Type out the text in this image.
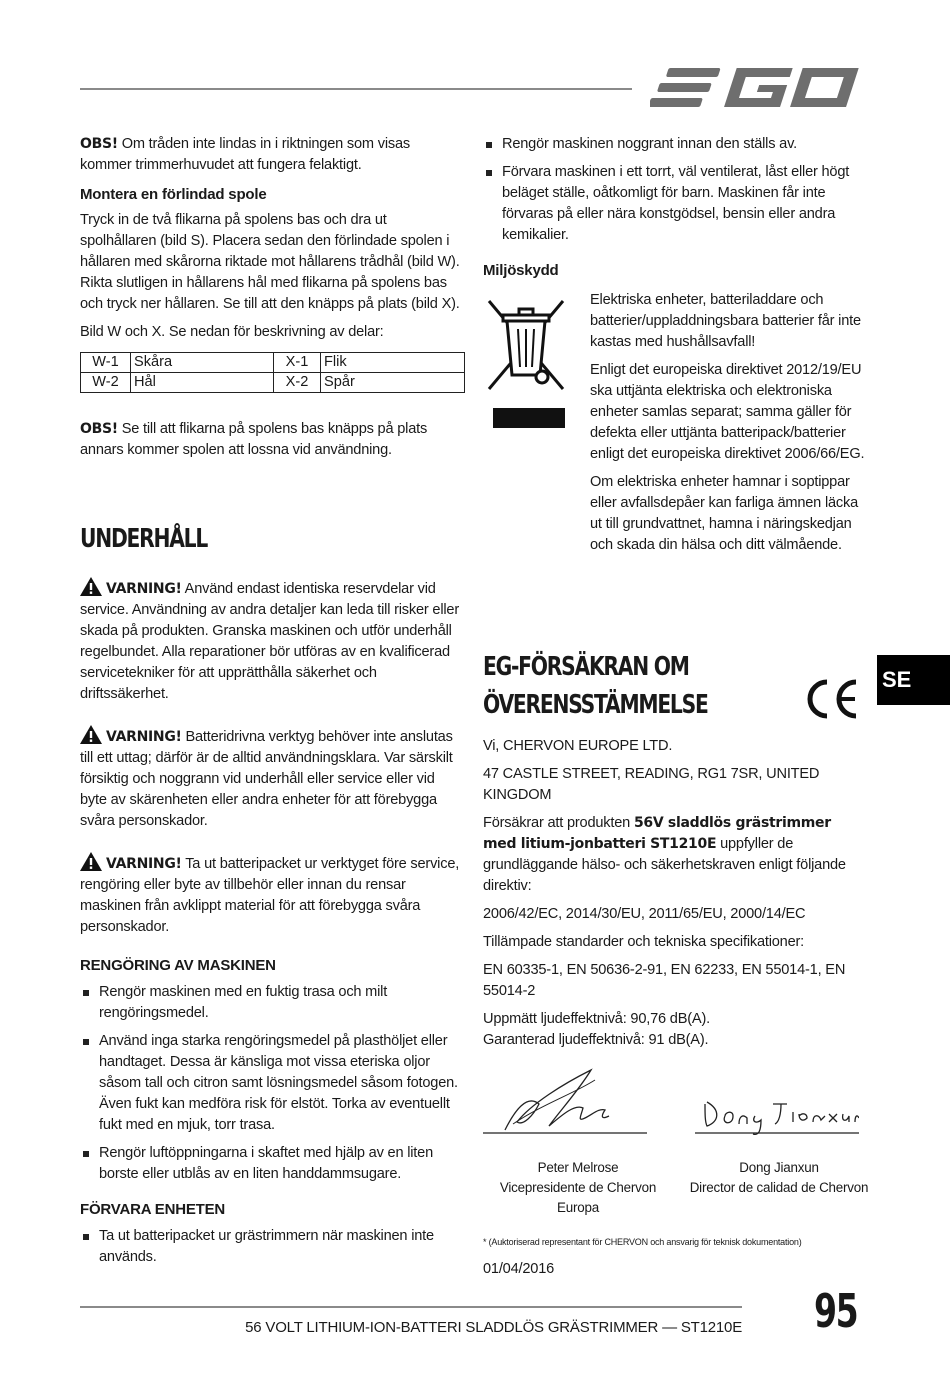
OBS! Om tråden inte lindas in i riktningen som visas kommer trimmerhuvudet att fungera felaktigt.

Montera en förlindad spole

Tryck in de två flikarna på spolens bas och dra ut spolhållaren (bild S). Placera sedan den förlindade spolen i hållaren med skårorna riktade mot hållarens trådhål (bild W). Rikta slutligen in hållarens hål med flikarna på spolens bas och tryck ner hållaren. Se till att den knäpps på plats (bild X).

Bild W och X. Se nedan för beskrivning av delar:

W-1	Skåra	X-1	Flik
W-2	Hål	X-2	Spår

OBS! Se till att flikarna på spolens bas knäpps på plats annars kommer spolen att lossna vid användning.

UNDERHÅLL

VARNING! Använd endast identiska reservdelar vid service. Användning av andra detaljer kan leda till risker eller skada på produkten. Granska maskinen och utför underhåll regelbundet. Alla reparationer bör utföras av en kvalificerad servicetekniker för att upprätthålla säkerhet och driftssäkerhet.

VARNING! Batteridrivna verktyg behöver inte anslutas till ett uttag; därför är de alltid användningsklara. Var särskilt försiktig och noggrann vid underhåll eller service eller vid byte av skärenheten eller andra enheter för att förebygga svåra personskador.

VARNING! Ta ut batteripacket ur verktyget före service, rengöring eller byte av tillbehör eller innan du rensar maskinen från avklippt material för att förebygga svåra personskador.

RENGÖRING AV MASKINEN

Rengör maskinen med en fuktig trasa och milt rengöringsmedel.
Använd inga starka rengöringsmedel på plasthöljet eller handtaget. Dessa är känsliga mot vissa eteriska oljor såsom tall och citron samt lösningsmedel såsom fotogen. Även fukt kan medföra risk för elstöt. Torka av eventuellt fukt med en mjuk, torr trasa.
Rengör luftöppningarna i skaftet med hjälp av en liten borste eller utblås av en liten handdammsugare.

FÖRVARA ENHETEN

Ta ut batteripacket ur grästrimmern när maskinen inte används.
Rengör maskinen noggrant innan den ställs av.
Förvara maskinen i ett torrt, väl ventilerat, låst eller högt beläget ställe, oåtkomligt för barn. Maskinen får inte förvaras på eller nära konstgödsel, bensin eller andra kemikalier.

Miljöskydd

Elektriska enheter, batteriladdare och batterier/uppladdningsbara batterier får inte kastas med hushållsavfall!

Enligt det europeiska direktivet 2012/19/EU ska uttjänta elektriska och elektroniska enheter samlas separat; samma gäller för defekta eller uttjänta batteripack/batterier enligt det europeiska direktivet 2006/66/EG.

Om elektriska enheter hamnar i soptippar eller avfallsdepåer kan farliga ämnen läcka ut till grundvattnet, hamna i näringskedjan och skada din hälsa och ditt välmående.

EG-FÖRSÄKRAN OM

ÖVERENSSTÄMMELSE

Vi, CHERVON EUROPE LTD.

47 CASTLE STREET, READING, RG1 7SR, UNITED KINGDOM

Försäkrar att produkten 56V sladdlös grästrimmer med litium-jonbatteri ST1210E uppfyller de grundläggande hälso- och säkerhetskraven enligt följande direktiv:

2006/42/EC, 2014/30/EU, 2011/65/EU, 2000/14/EC

Tillämpade standarder och tekniska specifikationer:

EN 60335-1, EN 50636-2-91, EN 62233, EN 55014-1, EN 55014-2

Uppmätt ljudeffektnivå: 90,76 dB(A).

Garanterad ljudeffektnivå: 91 dB(A).

Peter Melrose
Vicepresidente de Chervon Europa
Dong Jianxun
Director de calidad de Chervon
* (Auktoriserad representant för CHERVON och ansvarig för teknisk dokumentation)
01/04/2016
SE
56 VOLT LITHIUM-ION-BATTERI SLADDLÖS GRÄSTRIMMER — ST1210E 95
